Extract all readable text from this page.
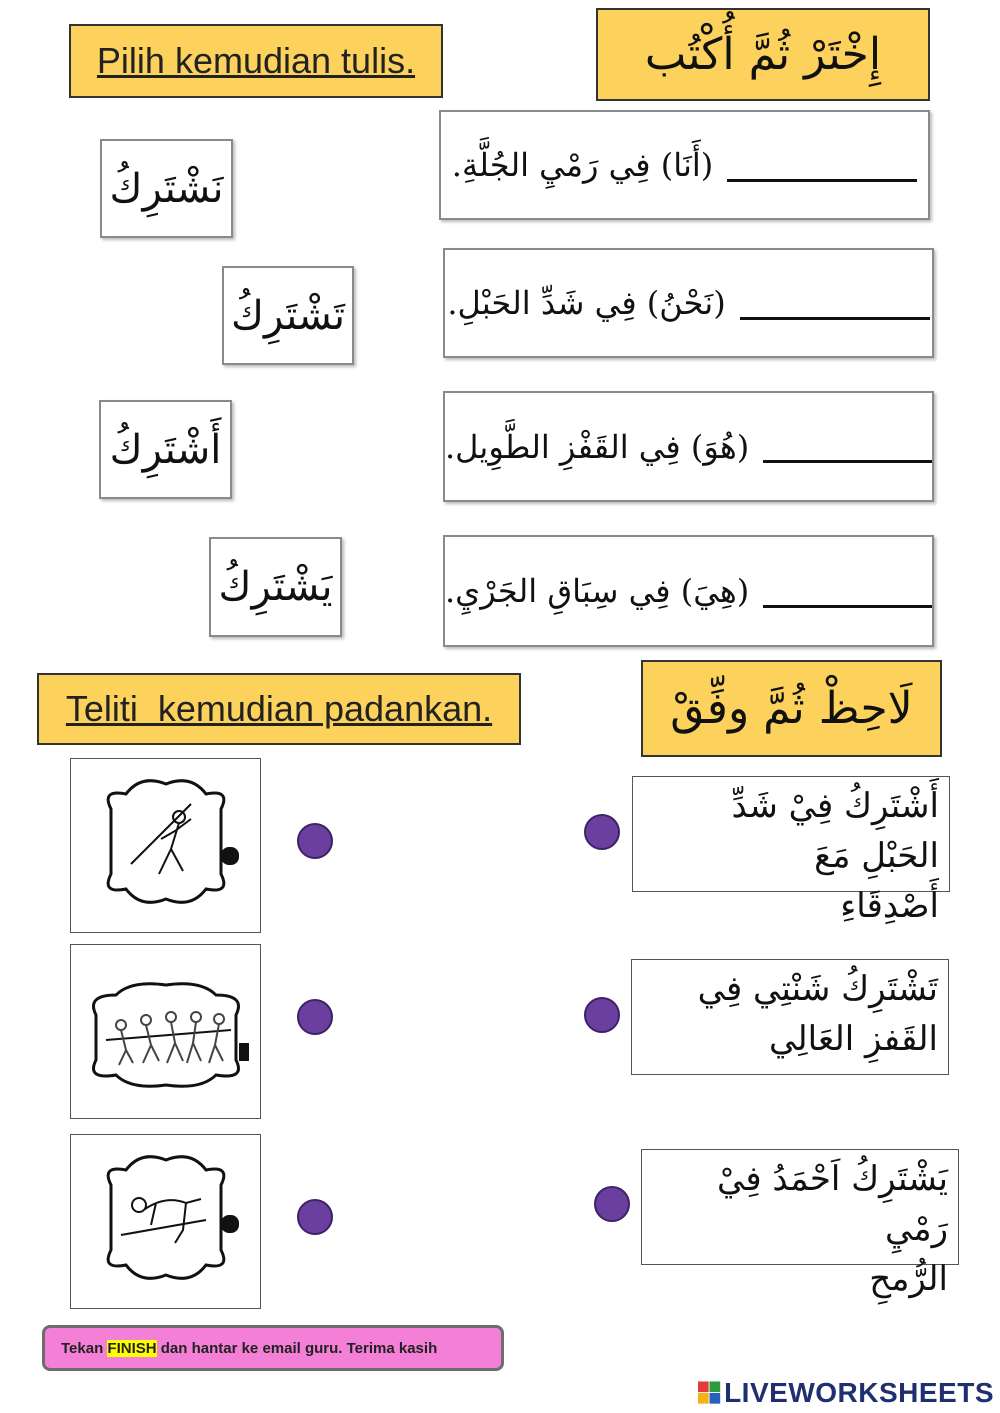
Pilih kemudian tulis.	إِخْتَرْ ثُمَّ أُكْتُب
نَشْتَرِكُ
تَشْتَرِكُ
أَشْتَرِكُ
يَشْتَرِكُ
(أَنَا) فِي رَمْيِ الجُلَّةِ.
(نَحْنُ) فِي شَدِّ الحَبْلِ.
(هُوَ) فِي القَفْزِ الطَّوِيل.
(هِيَ) فِي سِبَاقِ الجَرْيِ.
Teliti  kemudian padankan.	لَاحِظْ ثُمَّ وفِّقْ
أَشْتَرِكُ فِيْ شَدِّ الحَبْلِ مَعَ
أَصْدِقَاءِ
تَشْتَرِكُ شَنْتِي فِي
القَفزِ العَالِي
يَشْتَرِكُ اَحْمَدُ فِيْ رَمْيِ
الرُّمحِ
Tekan FINISH dan hantar ke email guru. Terima kasih
LIVEWORKSHEETS
